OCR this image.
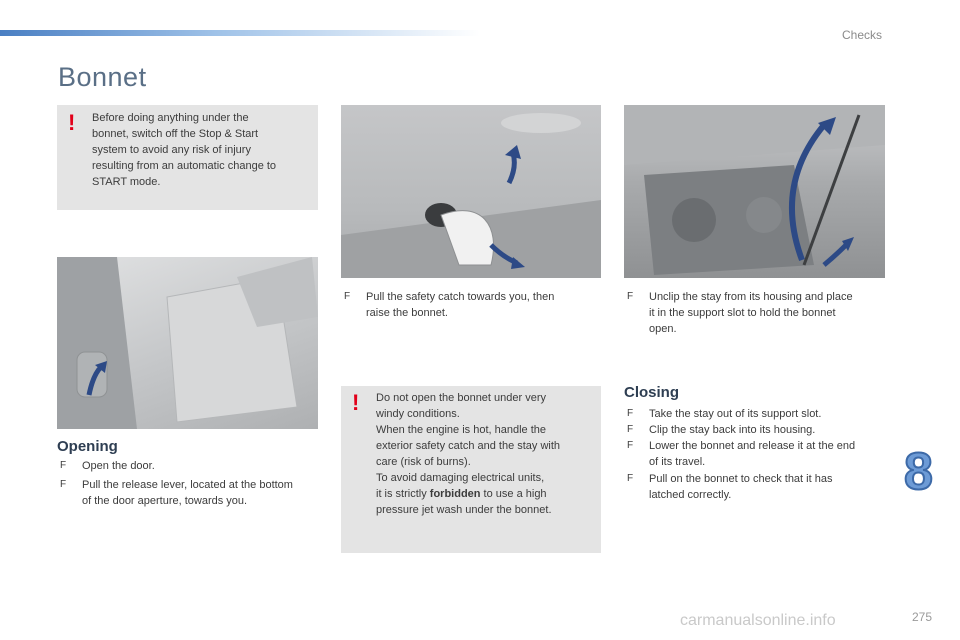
Checks
Bonnet
! Before doing anything under the
bonnet, switch off the Stop & Start
system to avoid any risk of injury
resulting from an automatic change to
START mode.
Opening
F	Open the door.
F Pull the release lever, located at the bottom
of the door aperture, towards you.
F Pull the safety catch towards you, then
raise the bonnet.
! Do not open the bonnet under very
windy conditions.
When the engine is hot, handle the
exterior safety catch and the stay with
care (risk of burns).
To avoid damaging electrical units,
it is strictly forbidden to use a high
pressure jet wash under the bonnet.
F Unclip the stay from its housing and place
it in the support slot to hold the bonnet
open.
Closing
F	Take the stay out of its support slot.
F	Clip the stay back into its housing.
F Lower the bonnet and release it at the end
of its travel.
F Pull on the bonnet to check that it has
latched correctly.	8
carmanualsonline.info	275
